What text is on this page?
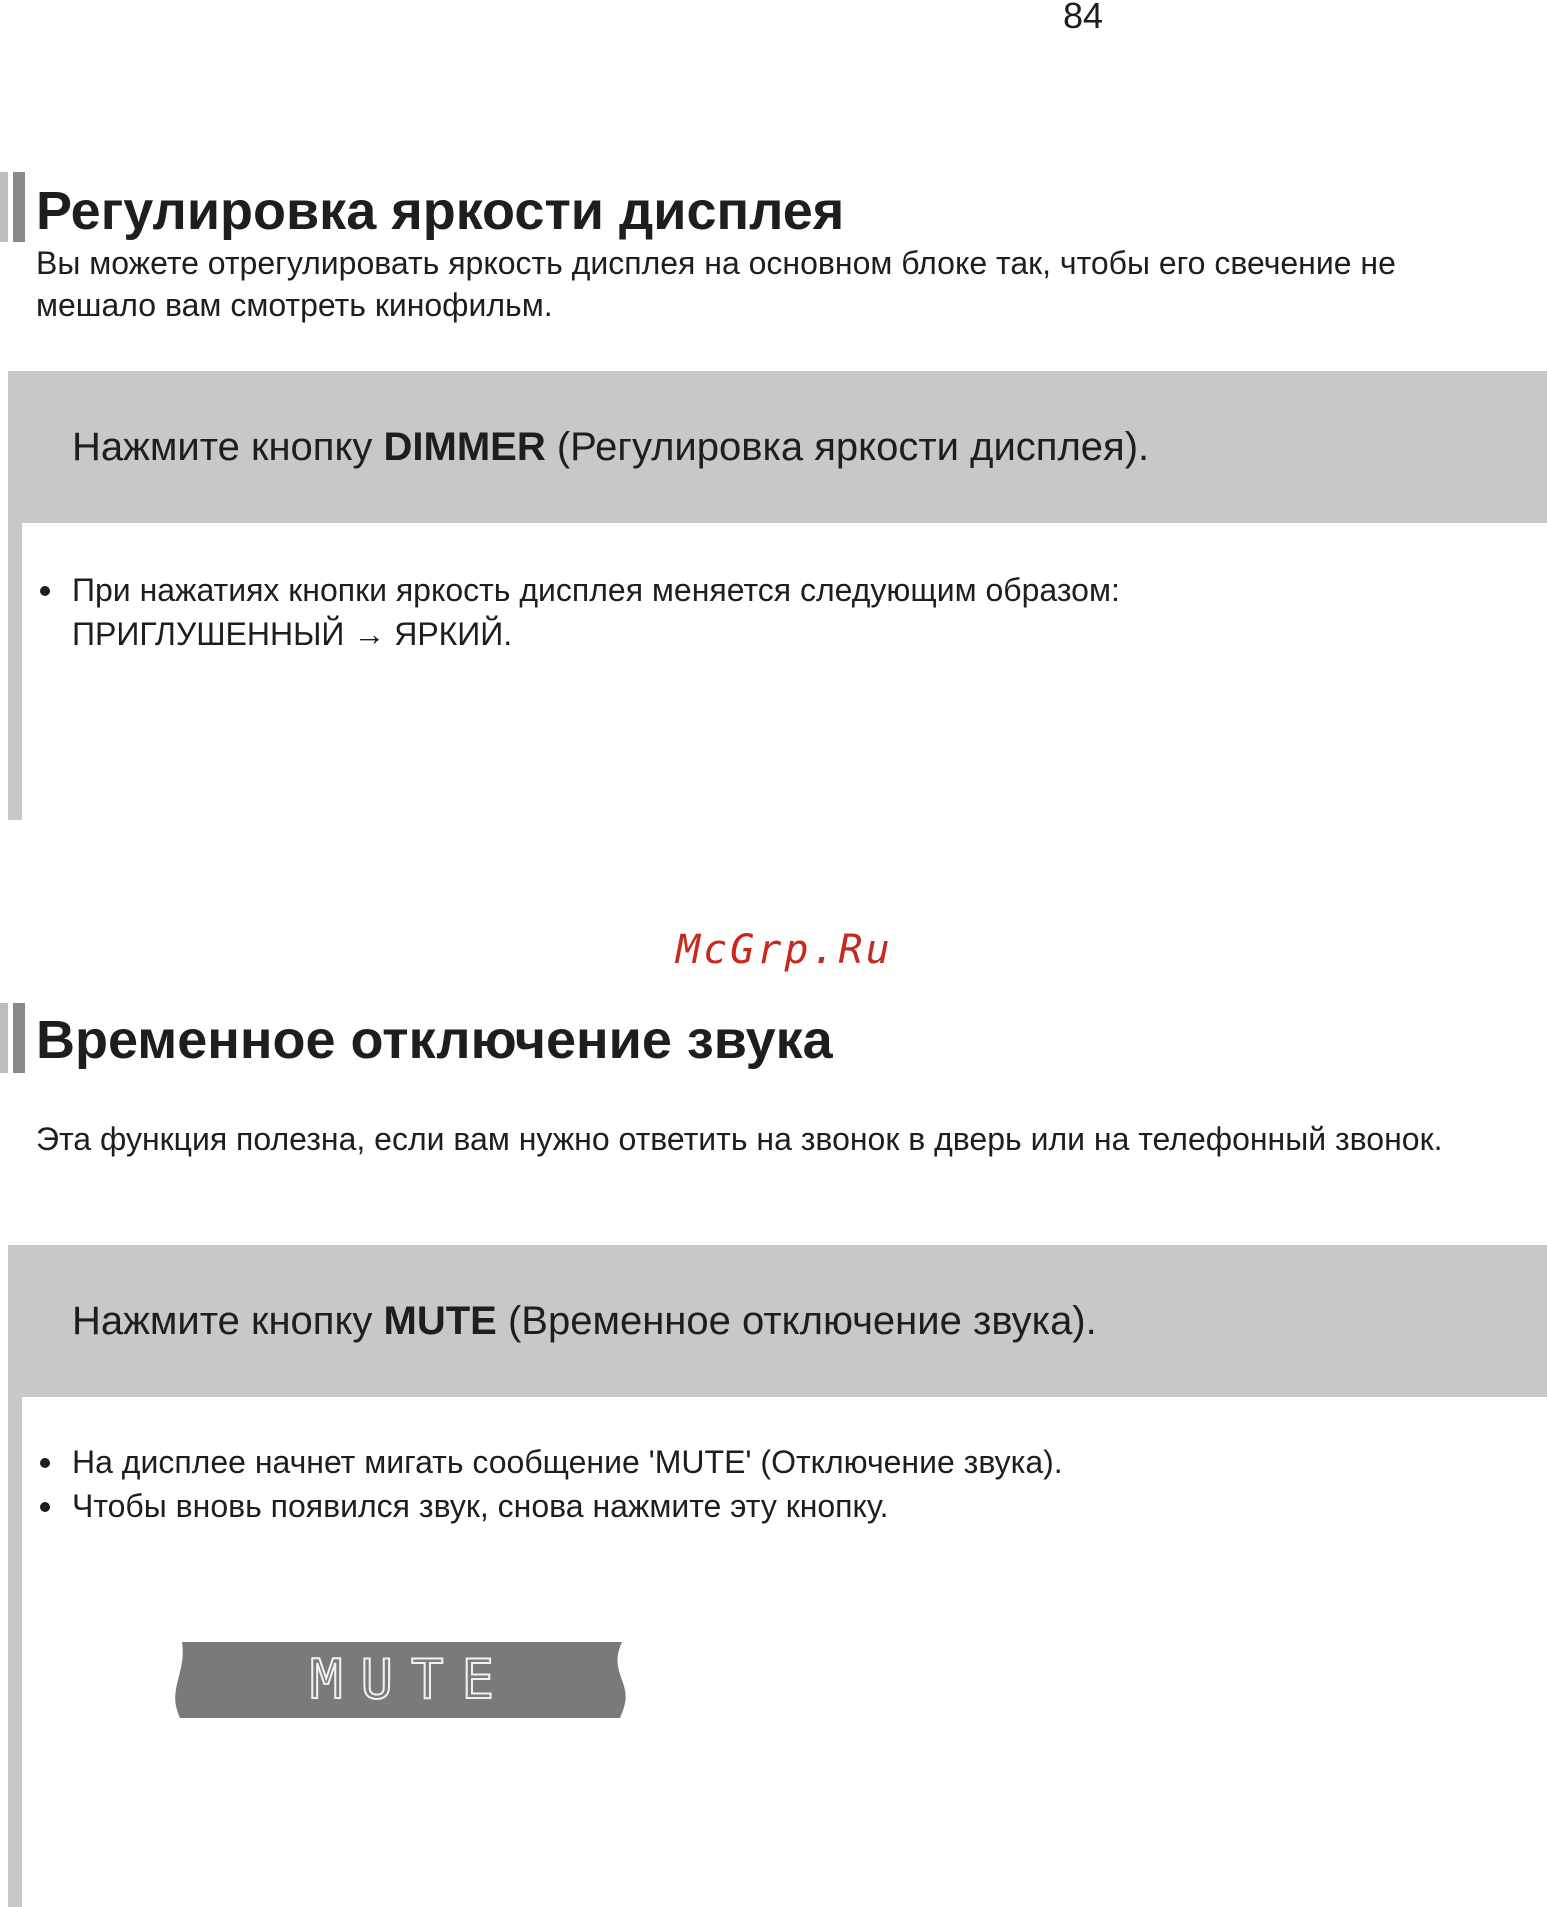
84
Регулировка яркости дисплея
Вы можете отрегулировать яркость дисплея на основном блоке так, чтобы его свечение не мешало вам смотреть кинофильм.
Нажмите кнопку DIMMER (Регулировка яркости дисплея).
При нажатиях кнопки яркость дисплея меняется следующим образом:
ПРИГЛУШЕННЫЙ → ЯРКИЙ.
McGrp.Ru
Временное отключение звука
Эта функция полезна, если вам нужно ответить на звонок в дверь или на телефонный звонок.
Нажмите кнопку MUTE (Временное отключение звука).
На дисплее начнет мигать сообщение 'MUTE' (Отключение звука).
Чтобы вновь появился звук, снова нажмите эту кнопку.
MUTE
